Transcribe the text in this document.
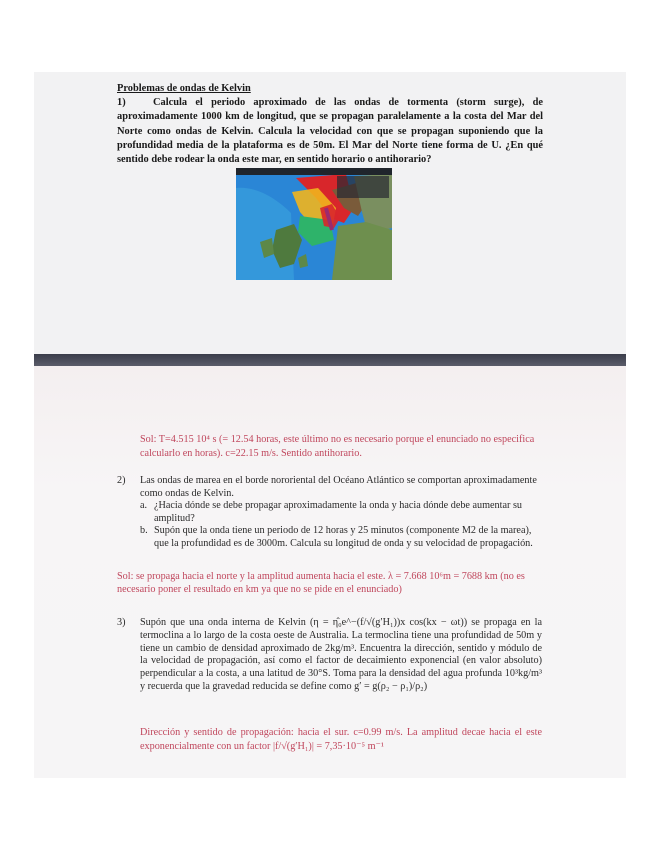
Problemas de ondas de Kelvin
1)	Calcula el periodo aproximado de las ondas de tormenta (storm surge), de aproximadamente 1000 km de longitud, que se propagan paralelamente a la costa del Mar del Norte como ondas de Kelvin. Calcula la velocidad con que se propagan suponiendo que la profundidad media de la plataforma es de 50m. El Mar del Norte tiene forma de U. ¿En qué sentido debe rodear la onda este mar, en sentido horario o antihorario?
Sol: T=4.515 10⁴ s (= 12.54 horas, este último no es necesario porque el enunciado no especifica calcularlo en horas). c=22.15 m/s. Sentido antihorario.
2)	Las ondas de marea en el borde nororiental del Océano Atlántico se comportan aproximadamente como ondas de Kelvin.
a. ¿Hacia dónde se debe propagar aproximadamente la onda y hacia dónde debe aumentar su amplitud?
b. Supón que la onda tiene un periodo de 12 horas y 25 minutos (componente M2 de la marea), que la profundidad es de 3000m. Calcula su longitud de onda y su velocidad de propagación.
Sol: se propaga hacia el norte y la amplitud aumenta hacia el este. λ = 7.668 10⁶m = 7688 km (no es necesario poner el resultado en km ya que no se pide en el enunciado)
3)	Supón que una onda interna de Kelvin (η = η̂₀e^−(f/√(g′H₁))x cos(kx − ωt)) se propaga en la termoclina a lo largo de la costa oeste de Australia. La termoclina tiene una profundidad de 50m y tiene un cambio de densidad aproximado de 2kg/m³. Encuentra la dirección, sentido y módulo de la velocidad de propagación, así como el factor de decaimiento exponencial (en valor absoluto) perpendicular a la costa, a una latitud de 30°S. Toma para la densidad del agua profunda 10³kg/m³ y recuerda que la gravedad reducida se define como g′ = g(ρ₂ − ρ₁)/ρ₂)
Dirección y sentido de propagación: hacia el sur. c=0.99 m/s. La amplitud decae hacia el este exponencialmente con un factor |f/√(g′H₁)| = 7,35·10⁻⁵ m⁻¹
